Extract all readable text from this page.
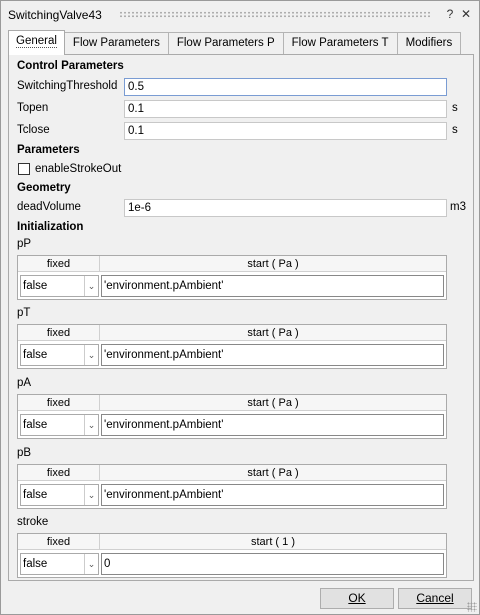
SwitchingValve43	? ✕
General	Flow Parameters	Flow Parameters P	Flow Parameters T	Modifiers
Control Parameters
SwitchingThreshold 0.5
Topen	0.1	s
Tclose	0.1	s
Parameters
enableStrokeOut
Geometry
deadVolume	1e-6	m3
Initialization
pP
fixed	start ( Pa )
false	⌄ 'environment.pAmbient'
pT
fixed	start ( Pa )
false	⌄ 'environment.pAmbient'
pA
fixed	start ( Pa )
false	⌄ 'environment.pAmbient'
pB
fixed	start ( Pa )
false	⌄ 'environment.pAmbient'
stroke
fixed	start ( 1 )
false	⌄ 0
OK	Cancel
